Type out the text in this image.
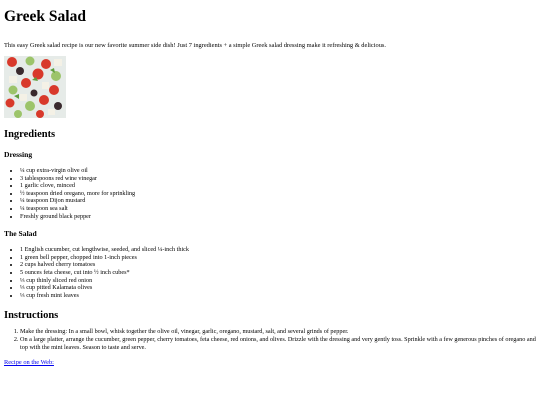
Greek Salad

This easy Greek salad recipe is our new favorite summer side dish! Just 7 ingredients + a simple Greek salad dressing make it refreshing & delicious.

Ingredients
Dressing
• ¼ cup extra-virgin olive oil
• 3 tablespoons red wine vinegar
• 1 garlic clove, minced
• ½ teaspoon dried oregano, more for sprinkling
• ¼ teaspoon Dijon mustard
• ¼ teaspoon sea salt
• Freshly ground black pepper
The Salad
• 1 English cucumber, cut lengthwise, seeded, and sliced ¼-inch thick
• 1 green bell pepper, chopped into 1-inch pieces
• 2 cups halved cherry tomatoes
• 5 ounces feta cheese, cut into ½ inch cubes*
• ⅓ cup thinly sliced red onion
• ⅓ cup pitted Kalamata olives
• ⅓ cup fresh mint leaves
Instructions
1. Make the dressing: In a small bowl, whisk together the olive oil, vinegar, garlic, oregano, mustard, salt, and several grinds of pepper.
2. On a large platter, arrange the cucumber, green pepper, cherry tomatoes, feta cheese, red onions, and olives. Drizzle with the dressing and very gently toss. Sprinkle with a few generous pinches of oregano and top with the mint leaves. Season to taste and serve.
Recipe on the Web:
